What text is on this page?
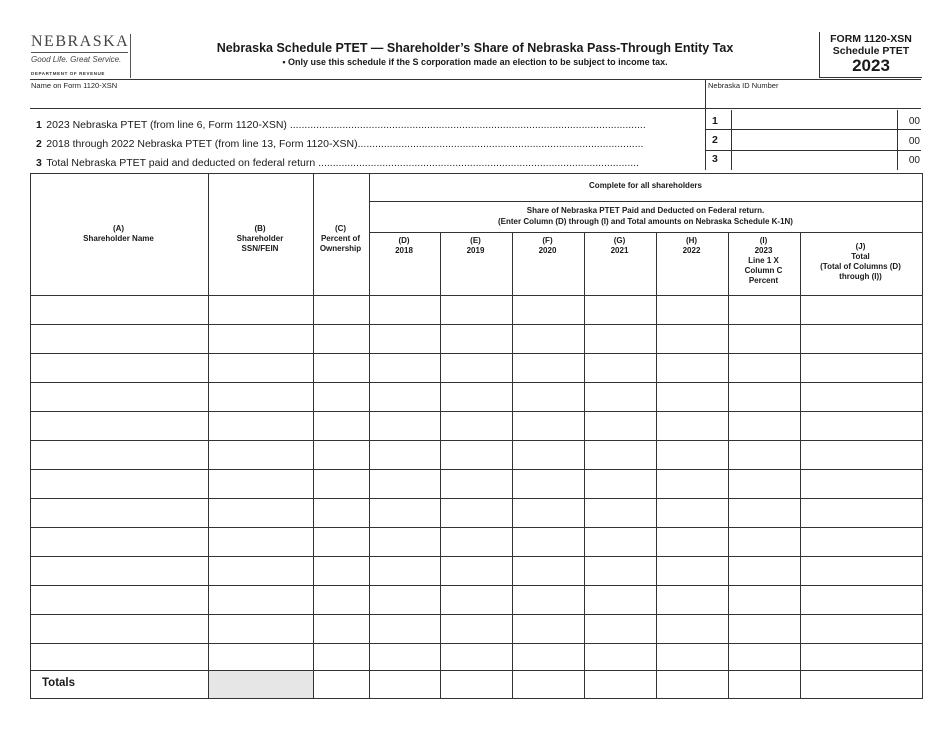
NEBRASKA
Good Life. Great Service.
DEPARTMENT OF REVENUE
Nebraska Schedule PTET — Shareholder’s Share of Nebraska Pass-Through Entity Tax
• Only use this schedule if the S corporation made an election to be subject to income tax.
FORM 1120-XSN
Schedule PTET
2023
Name on Form 1120-XSN	Nebraska ID Number
1 2023 Nebraska PTET (from line 6, Form 1120-XSN) ..........................................................................................................................
2 2018 through 2022 Nebraska PTET (from line 13, Form 1120-XSN)..................................................................................................
3 Total Nebraska PTET paid and deducted on federal return ..............................................................................................................
1
2
3
00
00
00
Complete for all shareholders
Share of Nebraska PTET Paid and Deducted on Federal return.
(Enter Column (D) through (I) and Total amounts on Nebraska Schedule K-1N)
(A)
Shareholder Name
(B)
Shareholder
SSN/FEIN
(C)
Percent of
Ownership
(D)
2018
(E)
2019
(F)
2020
(G)
2021
(H)
2022
(I)
2023
Line 1 X
Column C
Percent
(J)
Total
(Total of Columns (D)
through (I))
Totals
